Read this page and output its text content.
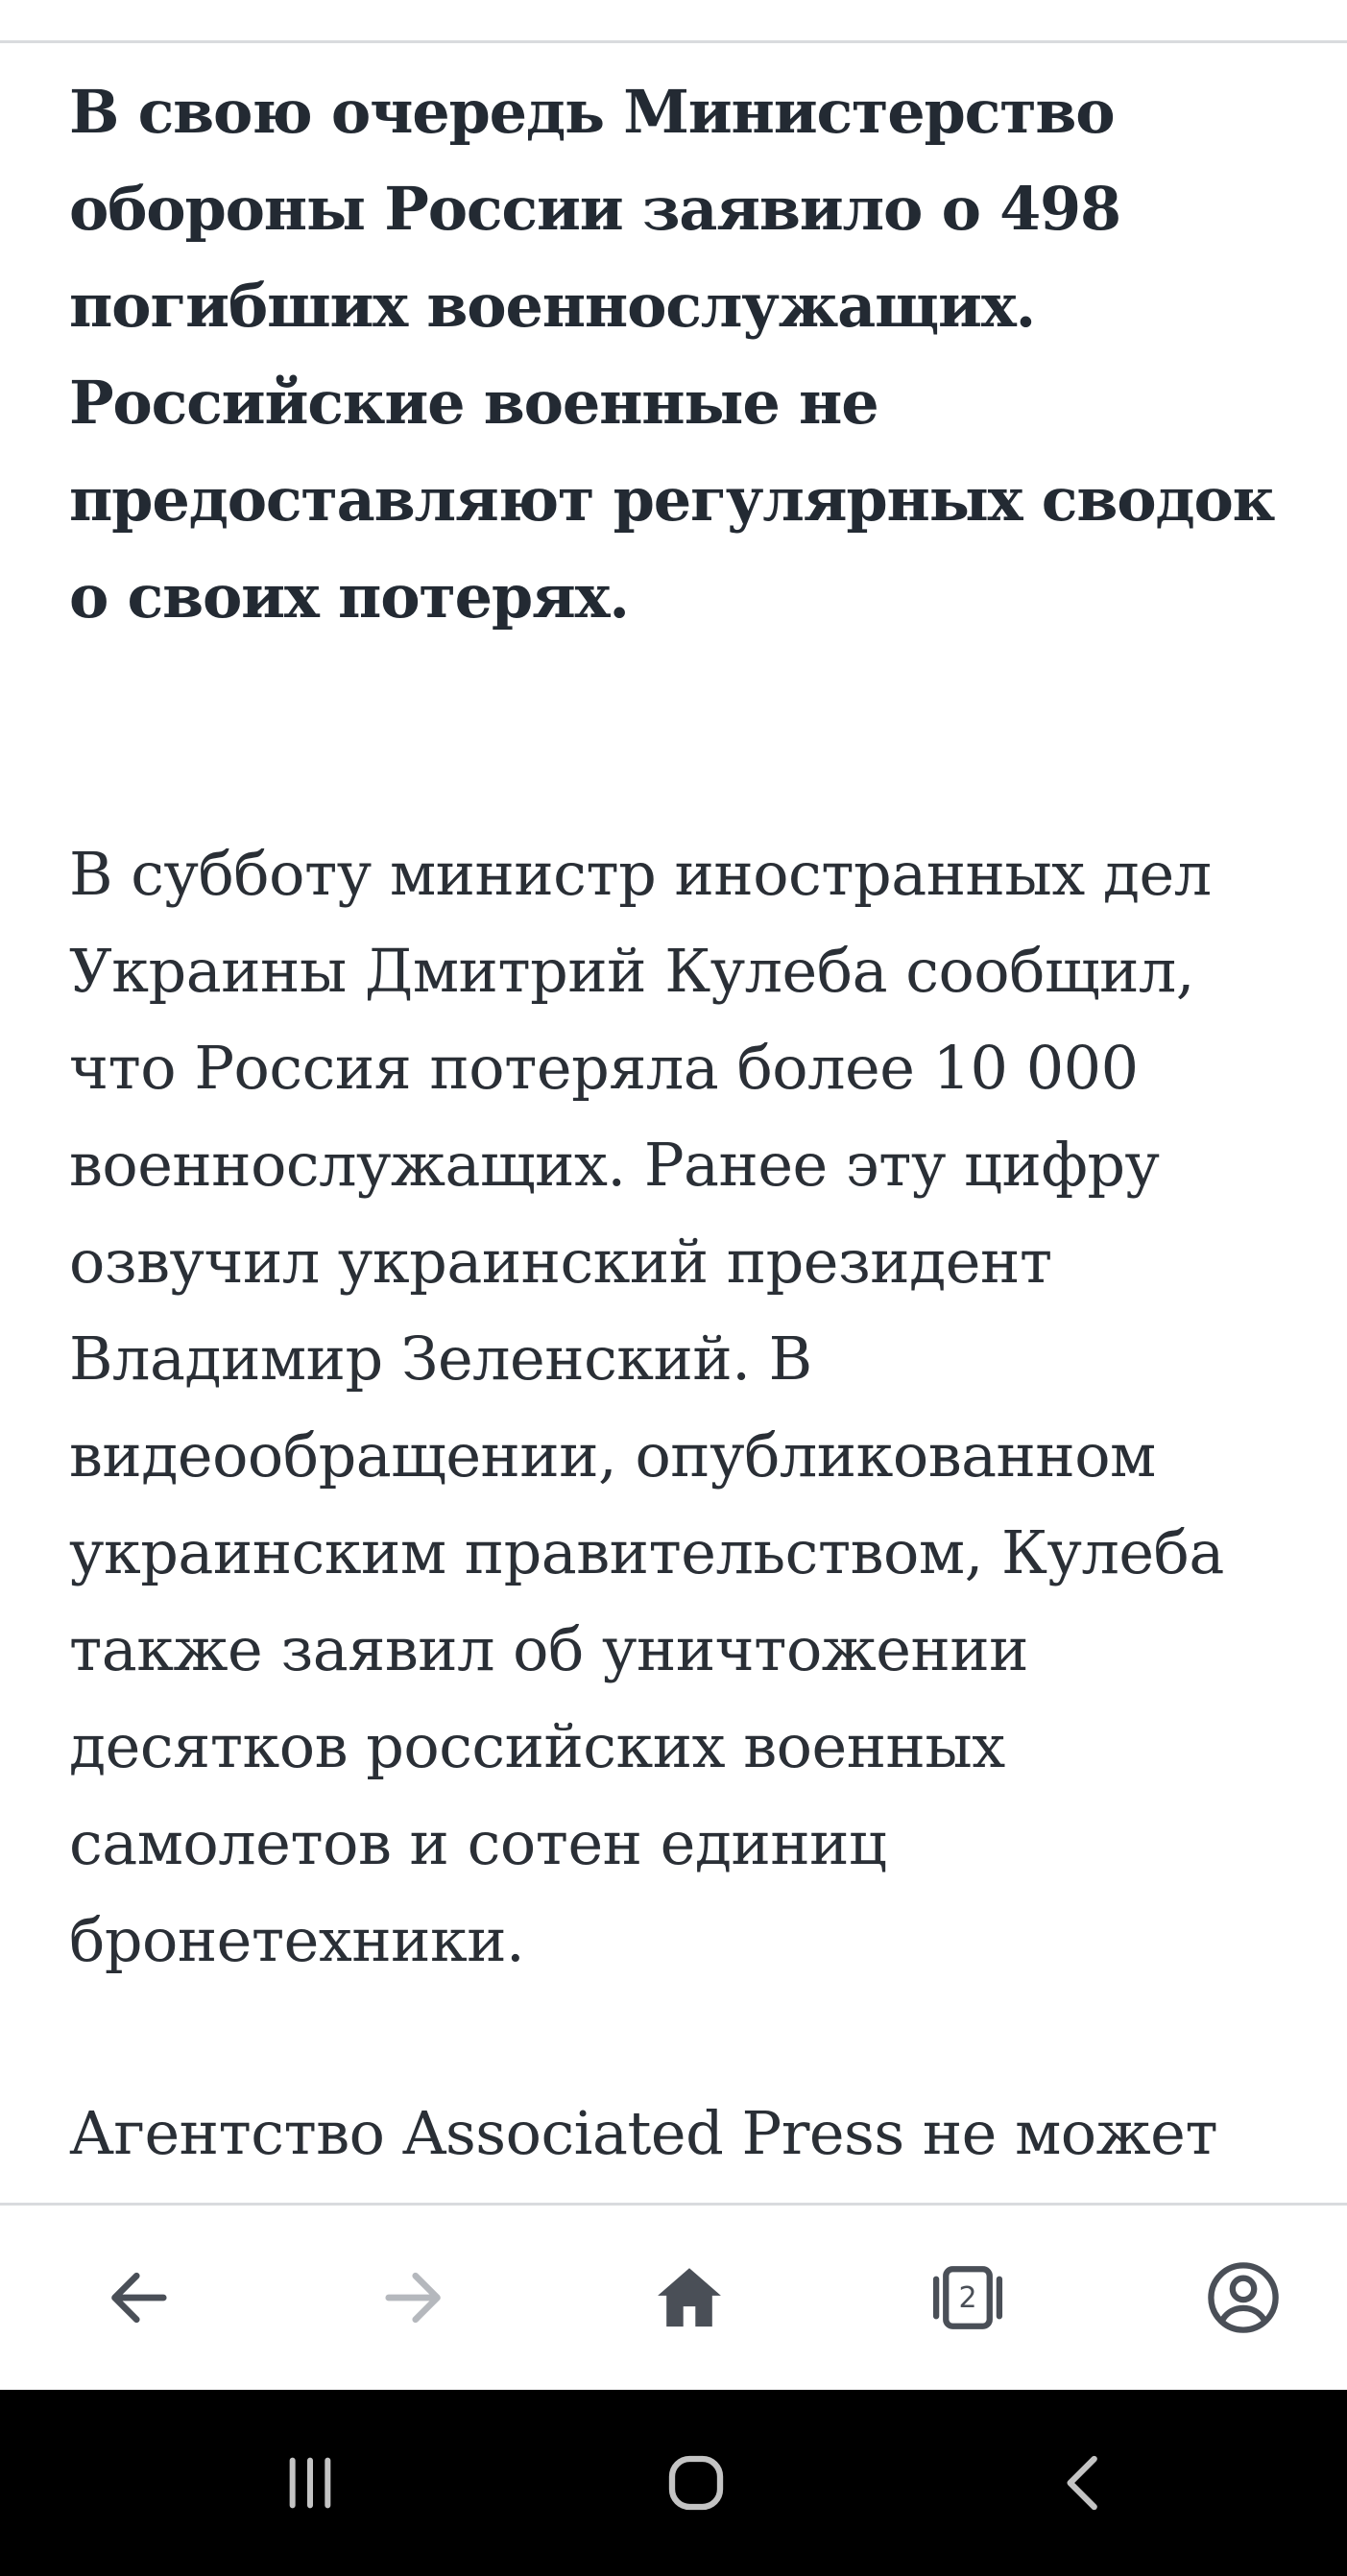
В свою очередь Министерство обороны России заявило о 498 погибших военнослужащих. Российские военные не предоставляют регулярных сводок о своих потерях.

В субботу министр иностранных дел Украины Дмитрий Кулеба сообщил, что Россия потеряла более 10 000 военнослужащих. Ранее эту цифру озвучил украинский президент Владимир Зеленский. В видеообращении, опубликованном украинским правительством, Кулеба также заявил об уничтожении десятков российских военных самолетов и сотен единиц бронетехники.

Агентство Associated Press не может

2
